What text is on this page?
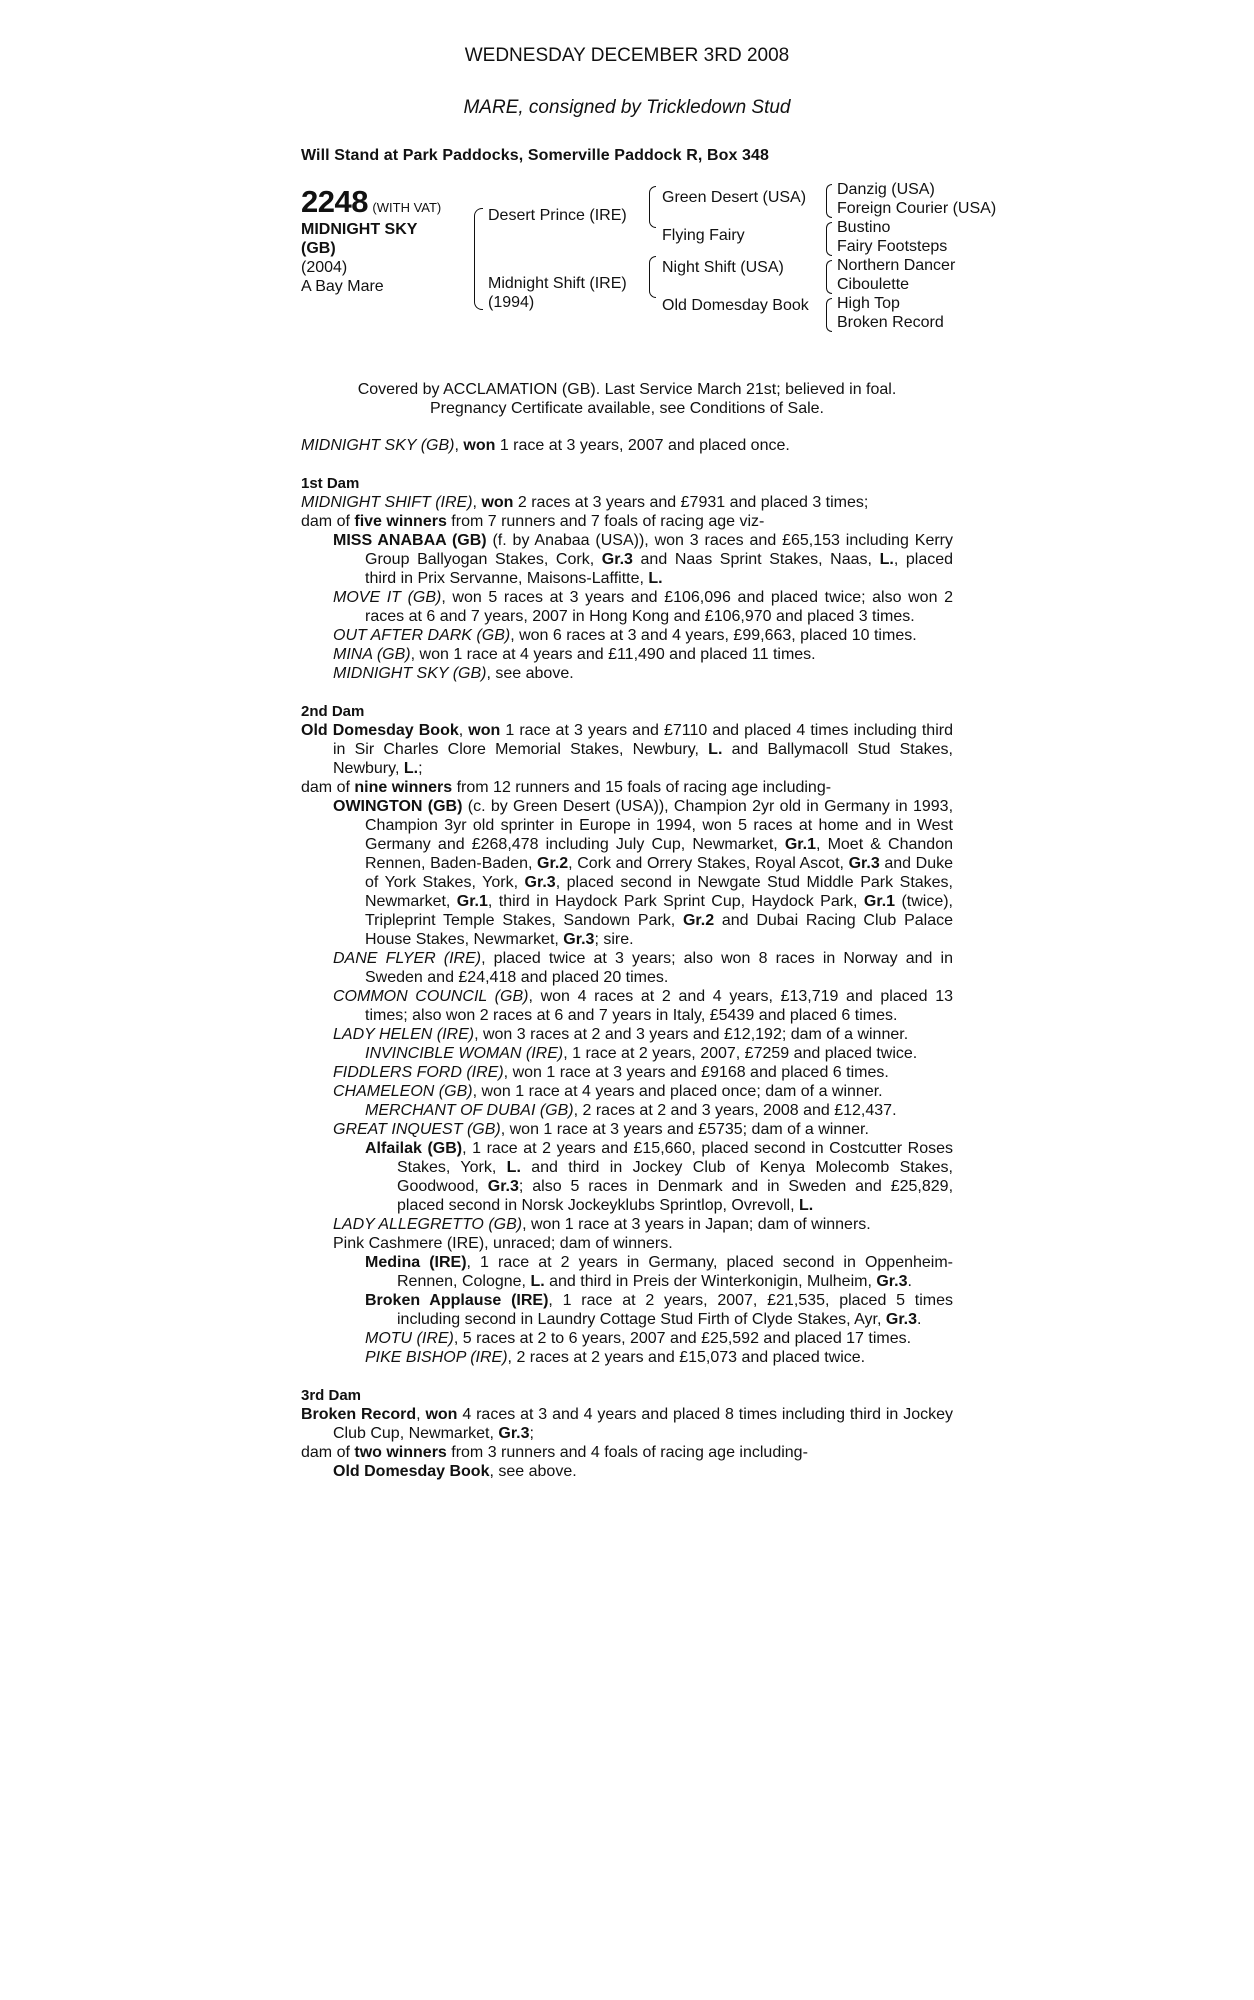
WEDNESDAY DECEMBER 3RD 2008
MARE, consigned by Trickledown Stud
Will Stand at Park Paddocks, Somerville Paddock R, Box 348
2248 (WITH VAT)
MIDNIGHT SKY
(GB)
(2004)
A Bay Mare
Desert Prince (IRE)
Midnight Shift (IRE)
(1994)
Green Desert (USA)
Flying Fairy
Night Shift (USA)
Old Domesday Book
Danzig (USA)
Foreign Courier (USA)
Bustino
Fairy Footsteps
Northern Dancer
Ciboulette
High Top
Broken Record
Covered by ACCLAMATION (GB). Last Service March 21st; believed in foal.
Pregnancy Certificate available, see Conditions of Sale.

MIDNIGHT SKY (GB), won 1 race at 3 years, 2007 and placed once.

1st Dam

MIDNIGHT SHIFT (IRE), won 2 races at 3 years and £7931 and placed 3 times;

dam of five winners from 7 runners and 7 foals of racing age viz-

MISS ANABAA (GB) (f. by Anabaa (USA)), won 3 races and £65,153 including Kerry Group Ballyogan Stakes, Cork, Gr.3 and Naas Sprint Stakes, Naas, L., placed third in Prix Servanne, Maisons-Laffitte, L.

MOVE IT (GB), won 5 races at 3 years and £106,096 and placed twice; also won 2 races at 6 and 7 years, 2007 in Hong Kong and £106,970 and placed 3 times.

OUT AFTER DARK (GB), won 6 races at 3 and 4 years, £99,663, placed 10 times.

MINA (GB), won 1 race at 4 years and £11,490 and placed 11 times.

MIDNIGHT SKY (GB), see above.

2nd Dam

Old Domesday Book, won 1 race at 3 years and £7110 and placed 4 times including third in Sir Charles Clore Memorial Stakes, Newbury, L. and Ballymacoll Stud Stakes, Newbury, L.;

dam of nine winners from 12 runners and 15 foals of racing age including-

OWINGTON (GB) (c. by Green Desert (USA)), Champion 2yr old in Germany in 1993, Champion 3yr old sprinter in Europe in 1994, won 5 races at home and in West Germany and £268,478 including July Cup, Newmarket, Gr.1, Moet & Chandon Rennen, Baden-Baden, Gr.2, Cork and Orrery Stakes, Royal Ascot, Gr.3 and Duke of York Stakes, York, Gr.3, placed second in Newgate Stud Middle Park Stakes, Newmarket, Gr.1, third in Haydock Park Sprint Cup, Haydock Park, Gr.1 (twice), Tripleprint Temple Stakes, Sandown Park, Gr.2 and Dubai Racing Club Palace House Stakes, Newmarket, Gr.3; sire.

DANE FLYER (IRE), placed twice at 3 years; also won 8 races in Norway and in Sweden and £24,418 and placed 20 times.

COMMON COUNCIL (GB), won 4 races at 2 and 4 years, £13,719 and placed 13 times; also won 2 races at 6 and 7 years in Italy, £5439 and placed 6 times.

LADY HELEN (IRE), won 3 races at 2 and 3 years and £12,192; dam of a winner.

INVINCIBLE WOMAN (IRE), 1 race at 2 years, 2007, £7259 and placed twice.

FIDDLERS FORD (IRE), won 1 race at 3 years and £9168 and placed 6 times.

CHAMELEON (GB), won 1 race at 4 years and placed once; dam of a winner.

MERCHANT OF DUBAI (GB), 2 races at 2 and 3 years, 2008 and £12,437.

GREAT INQUEST (GB), won 1 race at 3 years and £5735; dam of a winner.

Alfailak (GB), 1 race at 2 years and £15,660, placed second in Costcutter Roses Stakes, York, L. and third in Jockey Club of Kenya Molecomb Stakes, Goodwood, Gr.3; also 5 races in Denmark and in Sweden and £25,829, placed second in Norsk Jockeyklubs Sprintlop, Ovrevoll, L.

LADY ALLEGRETTO (GB), won 1 race at 3 years in Japan; dam of winners.

Pink Cashmere (IRE), unraced; dam of winners.

Medina (IRE), 1 race at 2 years in Germany, placed second in Oppenheim-Rennen, Cologne, L. and third in Preis der Winterkonigin, Mulheim, Gr.3.

Broken Applause (IRE), 1 race at 2 years, 2007, £21,535, placed 5 times including second in Laundry Cottage Stud Firth of Clyde Stakes, Ayr, Gr.3.

MOTU (IRE), 5 races at 2 to 6 years, 2007 and £25,592 and placed 17 times.

PIKE BISHOP (IRE), 2 races at 2 years and £15,073 and placed twice.

3rd Dam

Broken Record, won 4 races at 3 and 4 years and placed 8 times including third in Jockey Club Cup, Newmarket, Gr.3;

dam of two winners from 3 runners and 4 foals of racing age including-

Old Domesday Book, see above.
